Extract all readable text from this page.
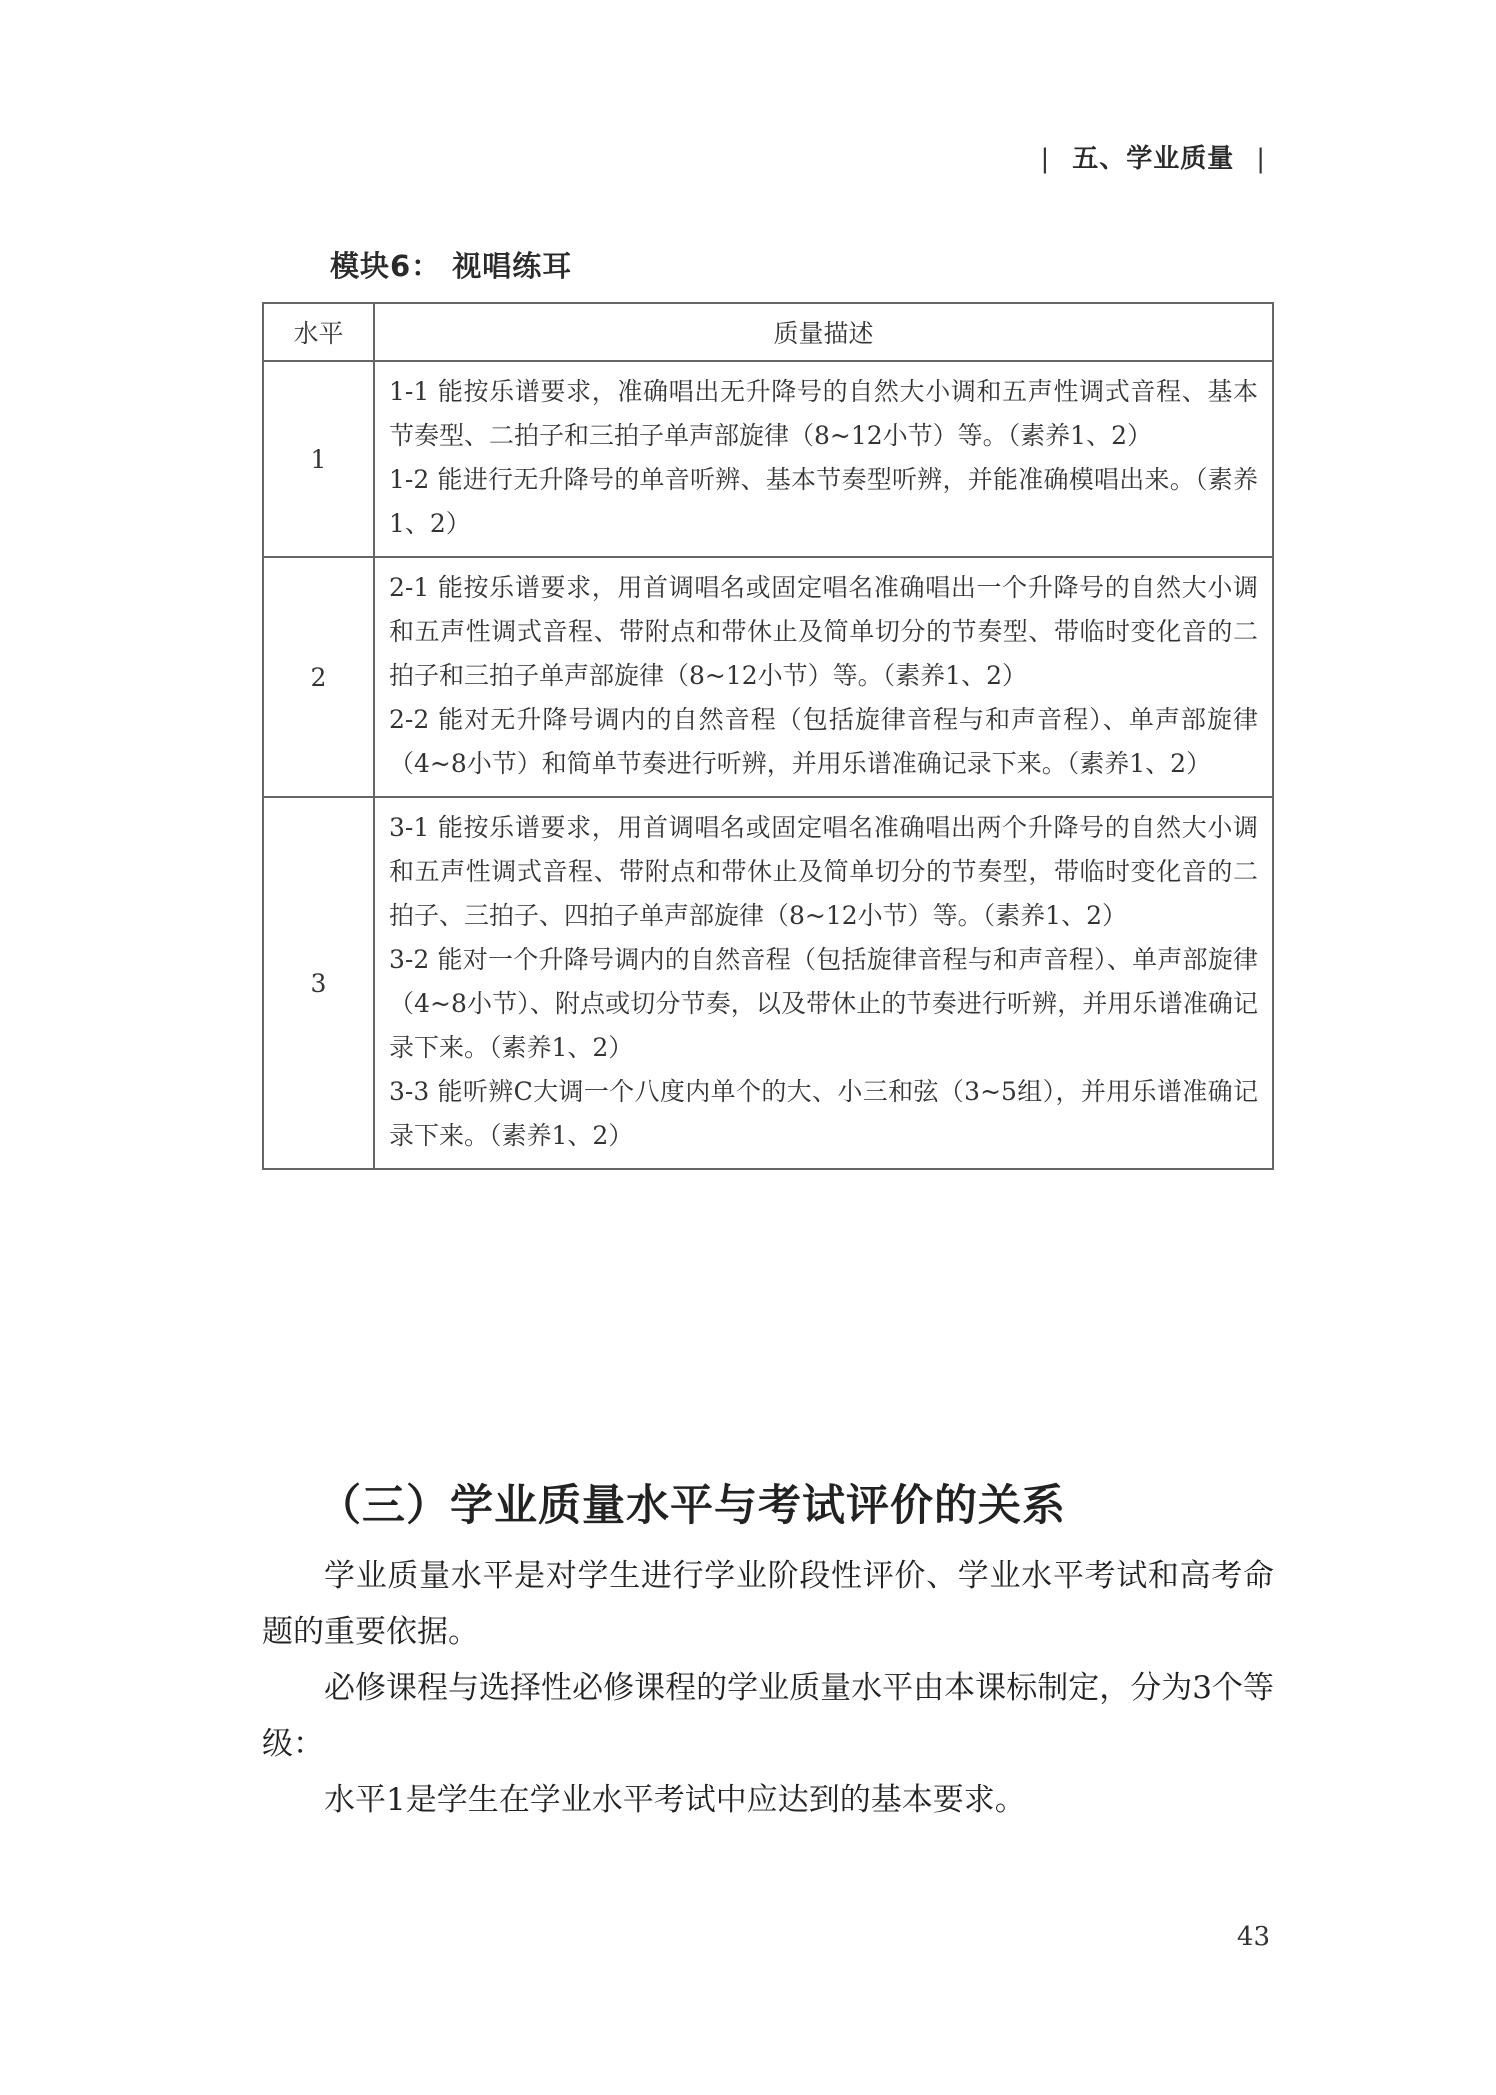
| 五、学业质量 |
模块6： 视唱练耳
水平	质量描述
1	1-1 能按乐谱要求，准确唱出无升降号的自然大小调和五声性调式音程、基本节奏型、二拍子和三拍子单声部旋律（8~12小节）等。（素养1、2）

1-2 能进行无升降号的单音听辨、基本节奏型听辨，并能准确模唱出来。（素养1、2）

2	2-1 能按乐谱要求，用首调唱名或固定唱名准确唱出一个升降号的自然大小调和五声性调式音程、带附点和带休止及简单切分的节奏型、带临时变化音的二拍子和三拍子单声部旋律（8~12小节）等。（素养1、2）

2-2 能对无升降号调内的自然音程（包括旋律音程与和声音程）、单声部旋律（4~8小节）和简单节奏进行听辨，并用乐谱准确记录下来。（素养1、2）

3	3-1 能按乐谱要求，用首调唱名或固定唱名准确唱出两个升降号的自然大小调和五声性调式音程、带附点和带休止及简单切分的节奏型，带临时变化音的二拍子、三拍子、四拍子单声部旋律（8~12小节）等。（素养1、2）

3-2 能对一个升降号调内的自然音程（包括旋律音程与和声音程）、单声部旋律（4~8小节）、附点或切分节奏，以及带休止的节奏进行听辨，并用乐谱准确记录下来。（素养1、2）

3-3 能听辨C大调一个八度内单个的大、小三和弦（3~5组），并用乐谱准确记录下来。（素养1、2）

（三）学业质量水平与考试评价的关系

学业质量水平是对学生进行学业阶段性评价、学业水平考试和高考命题的重要依据。

必修课程与选择性必修课程的学业质量水平由本课标制定，分为3个等级：

水平1是学生在学业水平考试中应达到的基本要求。

43
